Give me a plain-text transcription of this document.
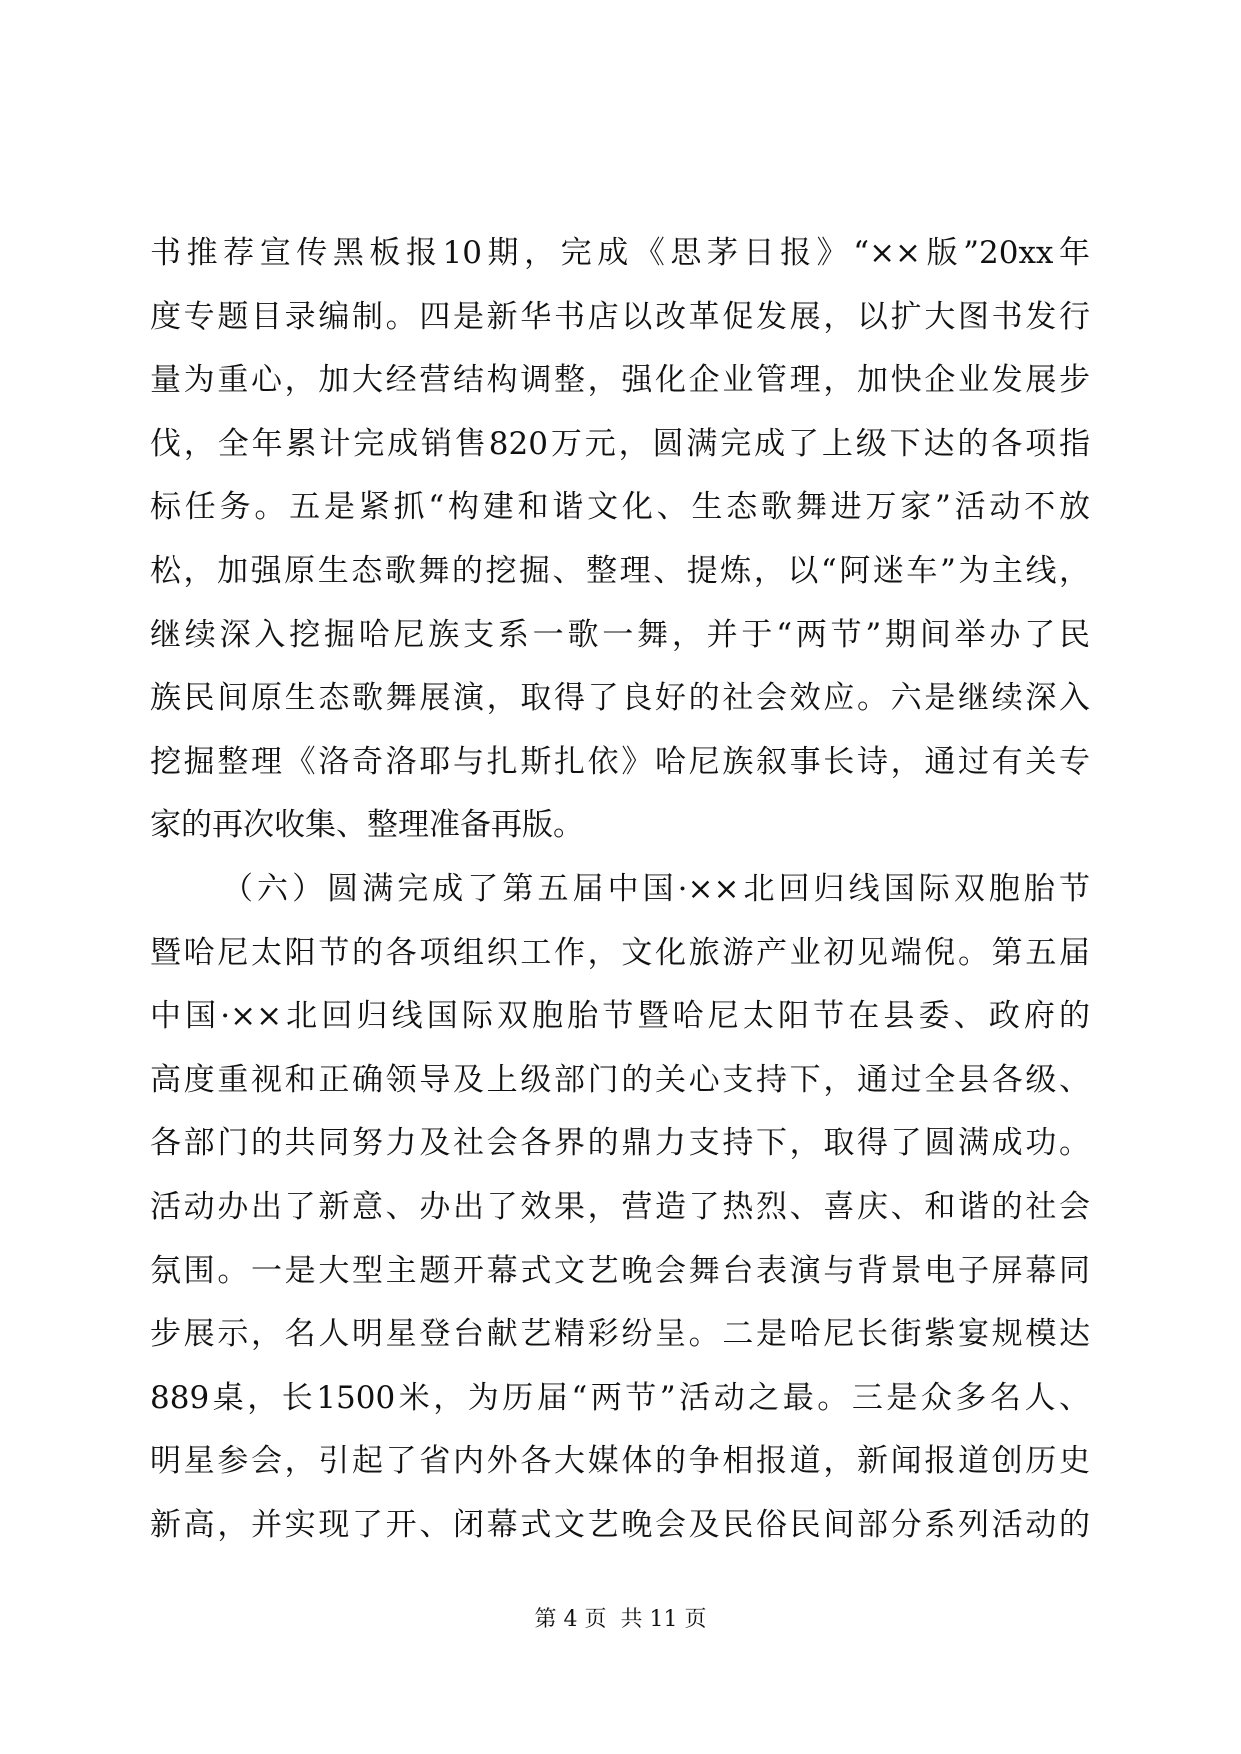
书推荐宣传黑板报10期，完成《思茅日报》“××版”20xx年
度专题目录编制。四是新华书店以改革促发展，以扩大图书发行
量为重心，加大经营结构调整，强化企业管理，加快企业发展步
伐，全年累计完成销售820万元，圆满完成了上级下达的各项指
标任务。五是紧抓“构建和谐文化、生态歌舞进万家”活动不放
松，加强原生态歌舞的挖掘、整理、提炼，以“阿迷车”为主线，
继续深入挖掘哈尼族支系一歌一舞，并于“两节”期间举办了民
族民间原生态歌舞展演，取得了良好的社会效应。六是继续深入
挖掘整理《洛奇洛耶与扎斯扎依》哈尼族叙事长诗，通过有关专
家的再次收集、整理准备再版。
（六）圆满完成了第五届中国·××北回归线国际双胞胎节
暨哈尼太阳节的各项组织工作，文化旅游产业初见端倪。第五届
中国·××北回归线国际双胞胎节暨哈尼太阳节在县委、政府的
高度重视和正确领导及上级部门的关心支持下，通过全县各级、
各部门的共同努力及社会各界的鼎力支持下，取得了圆满成功。
活动办出了新意、办出了效果，营造了热烈、喜庆、和谐的社会
氛围。一是大型主题开幕式文艺晚会舞台表演与背景电子屏幕同
步展示，名人明星登台献艺精彩纷呈。二是哈尼长街紫宴规模达
889桌，长1500米，为历届“两节”活动之最。三是众多名人、
明星参会，引起了省内外各大媒体的争相报道，新闻报道创历史
新高，并实现了开、闭幕式文艺晚会及民俗民间部分系列活动的
第 4 页  共 11 页
